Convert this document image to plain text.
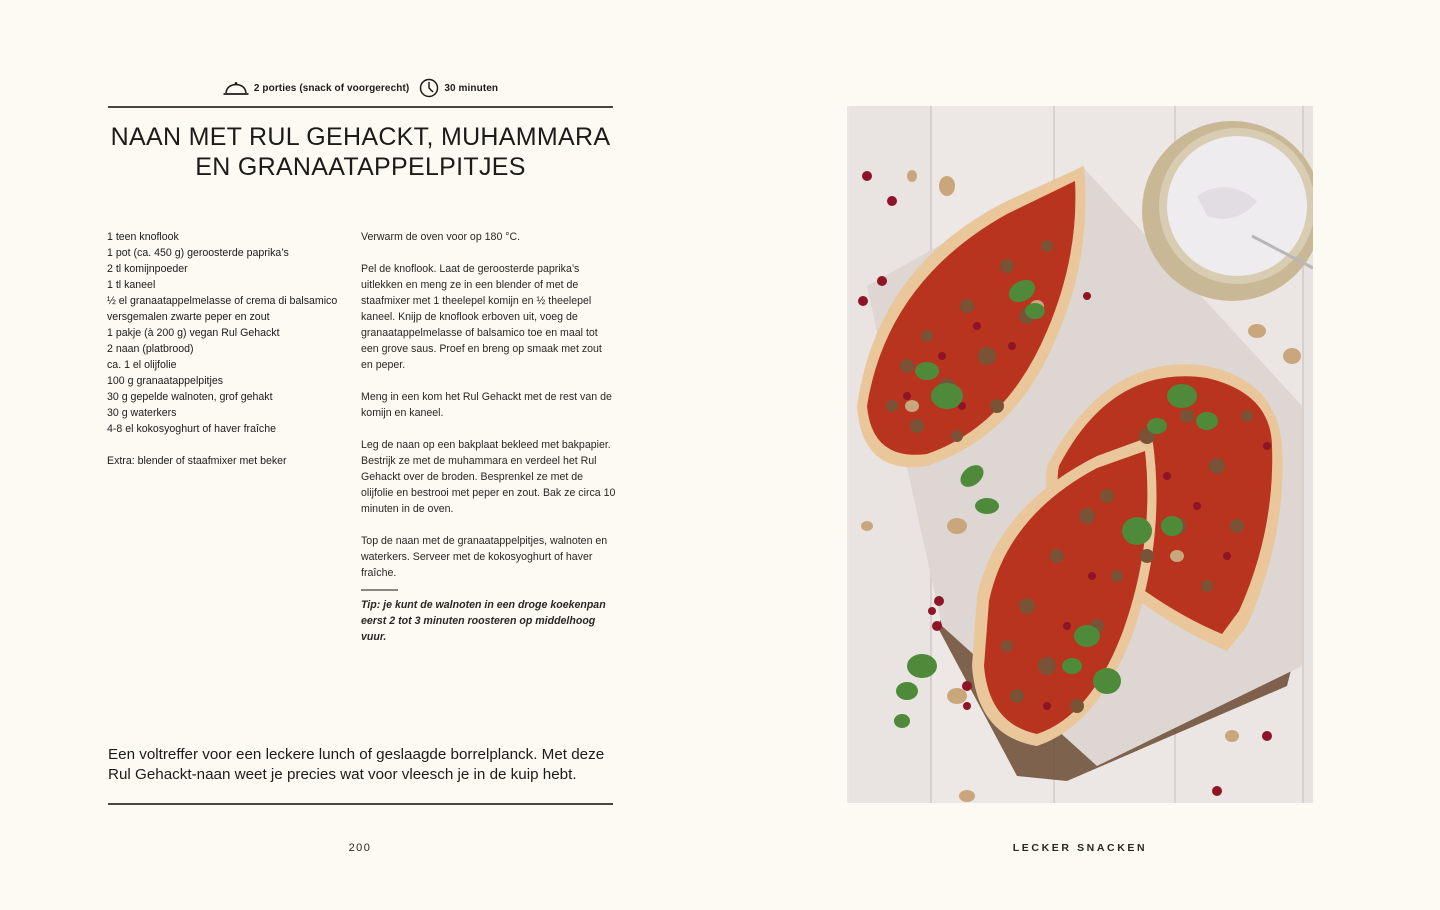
2 porties (snack of voorgerecht)	30 minuten
NAAN MET RUL GEHACKT, MUHAMMARA
EN GRANAATAPPELPITJES
1 teen knoflook
1 pot (ca. 450 g) geroosterde paprika’s
2 tl komijnpoeder
1 tl kaneel
½ el granaatappelmelasse of crema di balsamico
versgemalen zwarte peper en zout
1 pakje (à 200 g) vegan Rul Gehackt
2 naan (platbrood)
ca. 1 el olijfolie
100 g granaatappelpitjes
30 g gepelde walnoten, grof gehakt
30 g waterkers
4-8 el kokosyoghurt of haver fraîche
Extra: blender of staafmixer met beker

Verwarm de oven voor op 180 °C.

Pel de knoflook. Laat de geroosterde paprika’s uitlekken en meng ze in een blender of met de staafmixer met 1 theelepel komijn en ½ theelepel kaneel. Knijp de knoflook erboven uit, voeg de granaatappelmelasse of balsamico toe en maal tot een grove saus. Proef en breng op smaak met zout en peper.

Meng in een kom het Rul Gehackt met de rest van de komijn en kaneel.

Leg de naan op een bakplaat bekleed met bakpapier. Bestrijk ze met de muhammara en verdeel het Rul Gehackt over de broden. Besprenkel ze met de olijfolie en bestrooi met peper en zout. Bak ze circa 10 minuten in de oven.

Top de naan met de granaatappelpitjes, walnoten en waterkers. Serveer met de kokosyoghurt of haver fraîche.

Tip: je kunt de walnoten in een droge koekenpan eerst 2 tot 3 minuten roosteren op middelhoog vuur.
Een voltreffer voor een leckere lunch of geslaagde borrelplanck. Met deze
Rul Gehackt-naan weet je precies wat voor vleesch je in de kuip hebt.
200	LECKER SNACKEN
